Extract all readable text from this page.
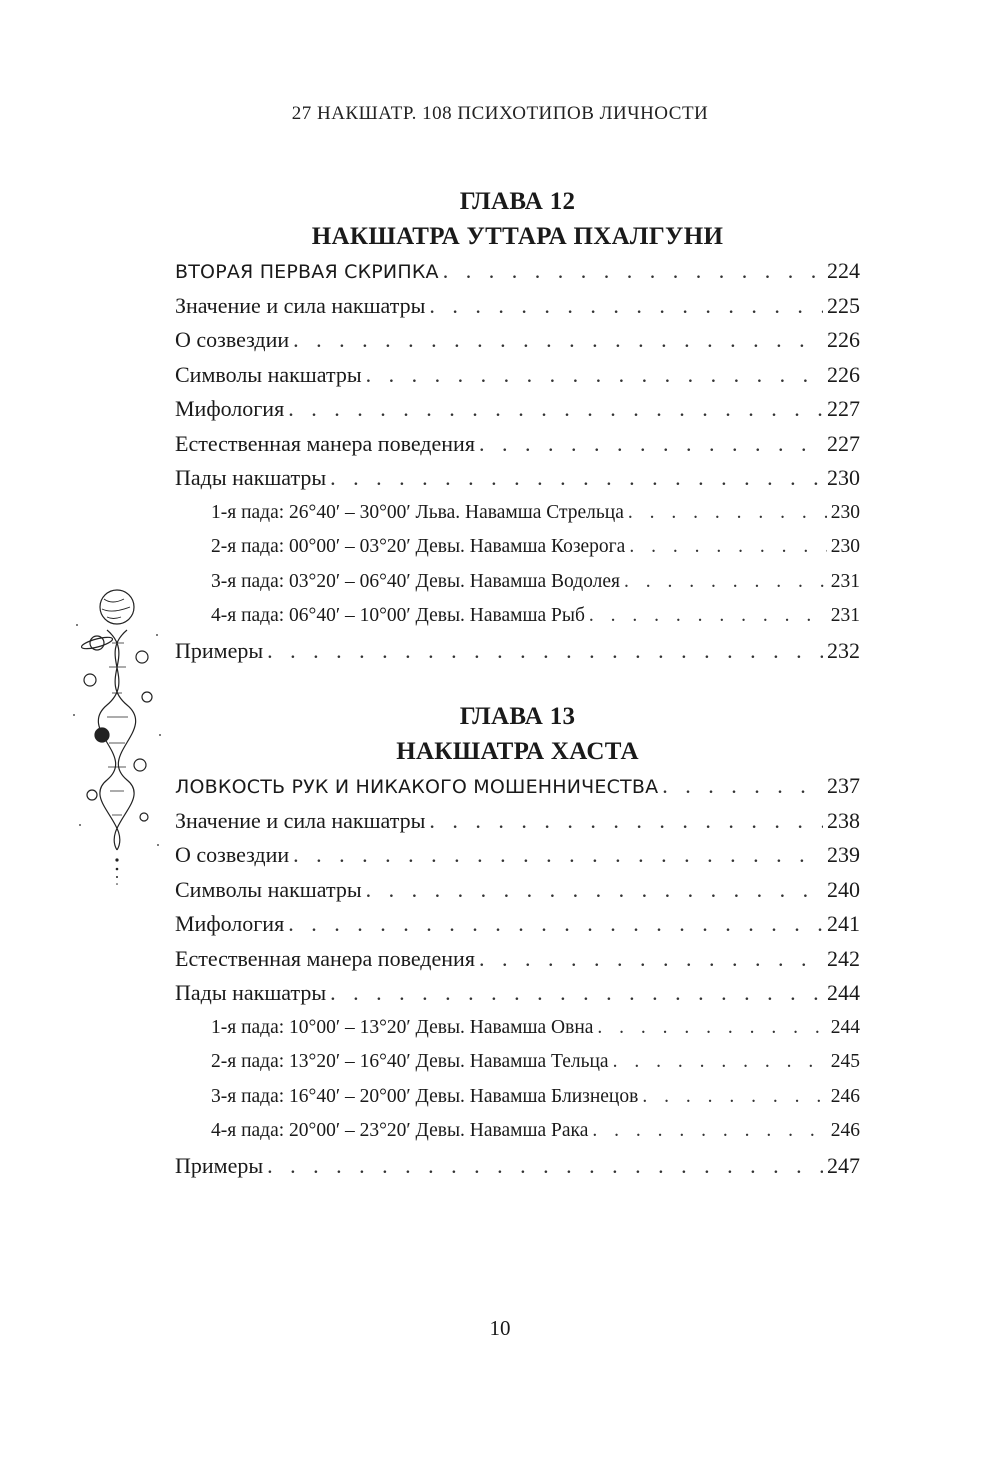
27 НАКШАТР. 108 ПСИХОТИПОВ ЛИЧНОСТИ
ГЛАВА 12
НАКШАТРА УТТАРА ПХАЛГУНИ
ВТОРАЯ ПЕРВАЯ СКРИПКА . . .	224
Значение и сила накшатры . . .	225
О созвездии . . .	226
Символы накшатры . . .	226
Мифология . . .	227
Естественная манера поведения . . .	227
Пады накшатры . . .	230
1-я пада: 26°40′ – 30°00′ Льва. Навамша Стрельца . . .	230
2-я пада: 00°00′ – 03°20′ Девы. Навамша Козерога . . .	230
3-я пада: 03°20′ – 06°40′ Девы. Навамша Водолея . . .	231
4-я пада: 06°40′ – 10°00′ Девы. Навамша Рыб . . .	231
Примеры . . .	232
ГЛАВА 13
НАКШАТРА ХАСТА
ЛОВКОСТЬ РУК И НИКАКОГО МОШЕННИЧЕСТВА . . .	237
Значение и сила накшатры . . .	238
О созвездии . . .	239
Символы накшатры . . .	240
Мифология . . .	241
Естественная манера поведения . . .	242
Пады накшатры . . .	244
1-я пада: 10°00′ – 13°20′ Девы. Навамша Овна . . .	244
2-я пада: 13°20′ – 16°40′ Девы. Навамша Тельца . . .	245
3-я пада: 16°40′ – 20°00′ Девы. Навамша Близнецов . . .	246
4-я пада: 20°00′ – 23°20′ Девы. Навамша Рака . . .	246
Примеры . . .	247
10
